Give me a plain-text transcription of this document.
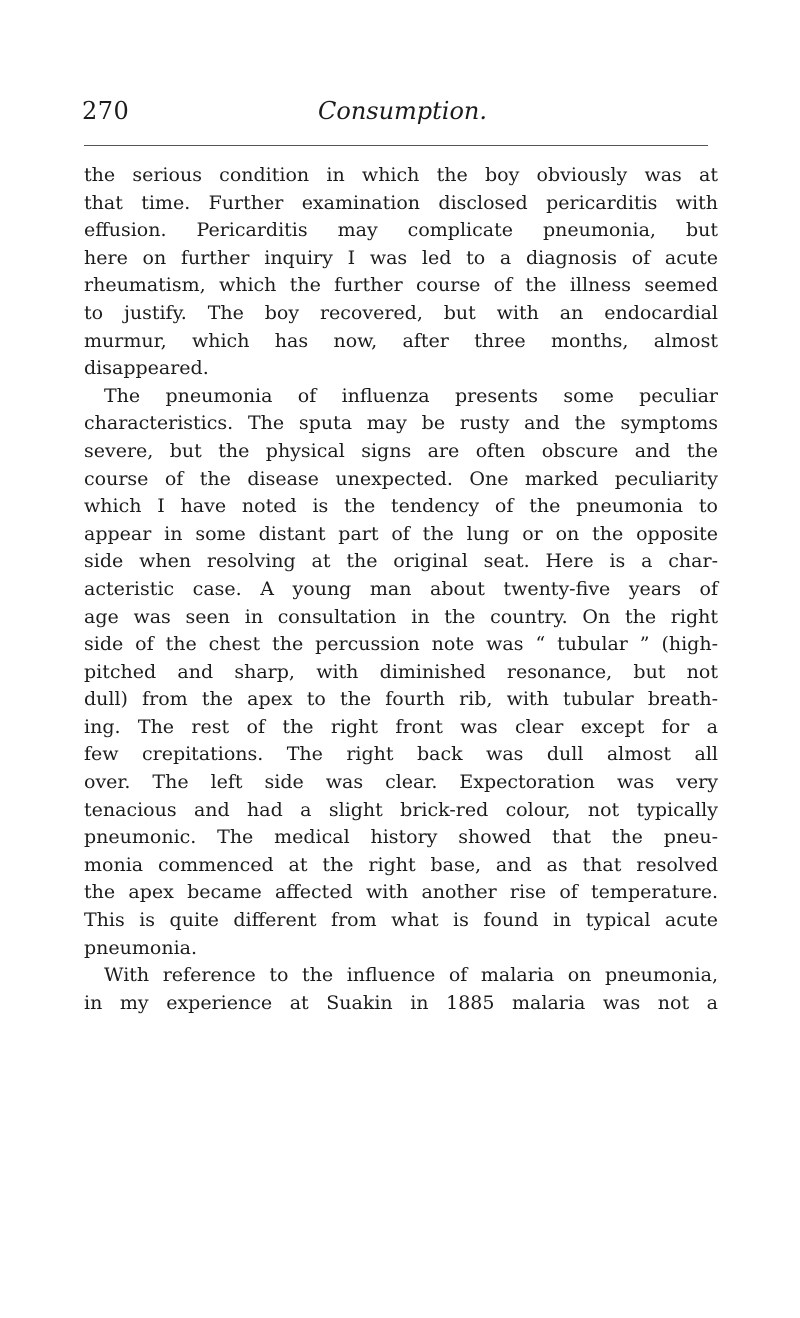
270	Consumption.
the serious condition in which the boy obviously was at
that time. Further examination disclosed pericarditis with
effusion. Pericarditis may complicate pneumonia, but
here on further inquiry I was led to a diagnosis of acute
rheumatism, which the further course of the illness seemed
to justify. The boy recovered, but with an endocardial
murmur, which has now, after three months, almost
disappeared.
The pneumonia of influenza presents some peculiar
characteristics. The sputa may be rusty and the symptoms
severe, but the physical signs are often obscure and the
course of the disease unexpected. One marked peculiarity
which I have noted is the tendency of the pneumonia to
appear in some distant part of the lung or on the opposite
side when resolving at the original seat. Here is a char-
acteristic case. A young man about twenty-five years of
age was seen in consultation in the country. On the right
side of the chest the percussion note was “ tubular ” (high-
pitched and sharp, with diminished resonance, but not
dull) from the apex to the fourth rib, with tubular breath-
ing. The rest of the right front was clear except for a
few crepitations. The right back was dull almost all
over. The left side was clear. Expectoration was very
tenacious and had a slight brick-red colour, not typically
pneumonic. The medical history showed that the pneu-
monia commenced at the right base, and as that resolved
the apex became affected with another rise of temperature.
This is quite different from what is found in typical acute
pneumonia.
With reference to the influence of malaria on pneumonia,
in my experience at Suakin in 1885 malaria was not a
